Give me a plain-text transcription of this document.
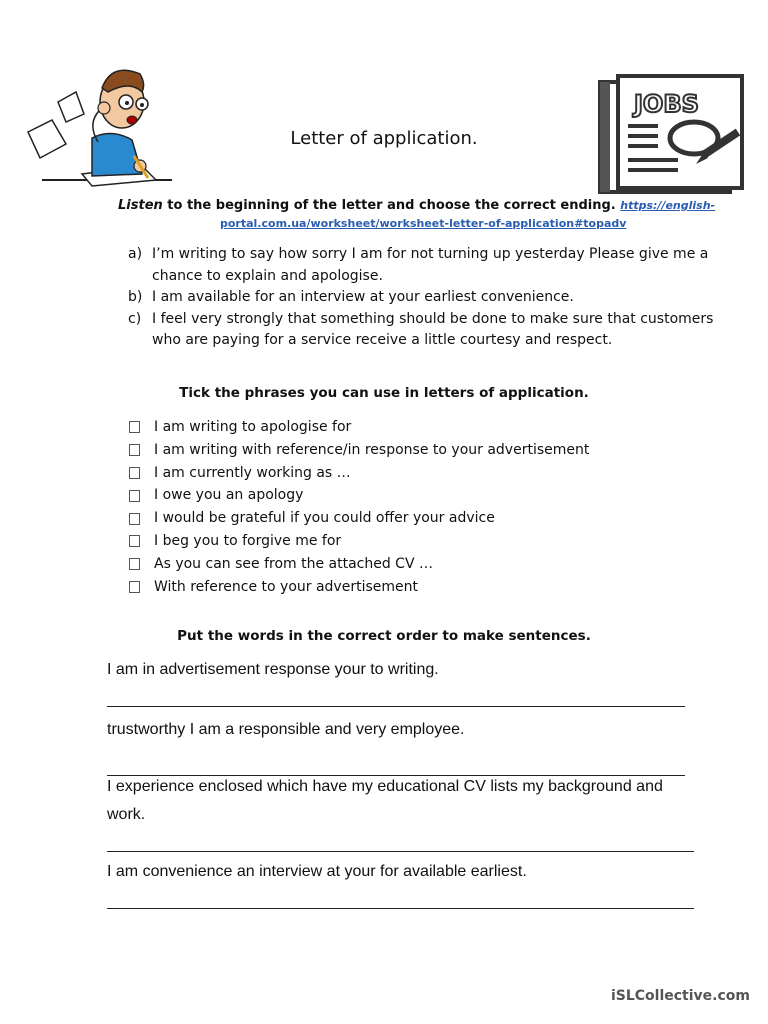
JOBS
Letter of application.
Listen to the beginning of the letter and choose the correct ending. https://english-
portal.com.ua/worksheet/worksheet-letter-of-application#topadv
a) I’m writing to say how sorry I am for not turning up yesterday Please give me a chance to explain and apologise.
b) I am available for an interview at your earliest convenience.
c) I feel very strongly that something should be done to make sure that customers who are paying for a service receive a little courtesy and respect.
Tick the phrases you can use in letters of application.
I am writing to apologise for
I am writing with reference/in response to your advertisement
I am currently working as …
I owe you an apology
I would be grateful if you could offer your advice
I beg you to forgive me for
As you can see from the attached CV …
With reference to your advertisement
Put the words in the correct order to make sentences.
I am in advertisement response your to writing.
trustworthy I am a responsible and very employee.
I experience enclosed which have my educational CV lists my background and
work.
I am convenience an interview at your for available earliest.
iSLCollective.com
